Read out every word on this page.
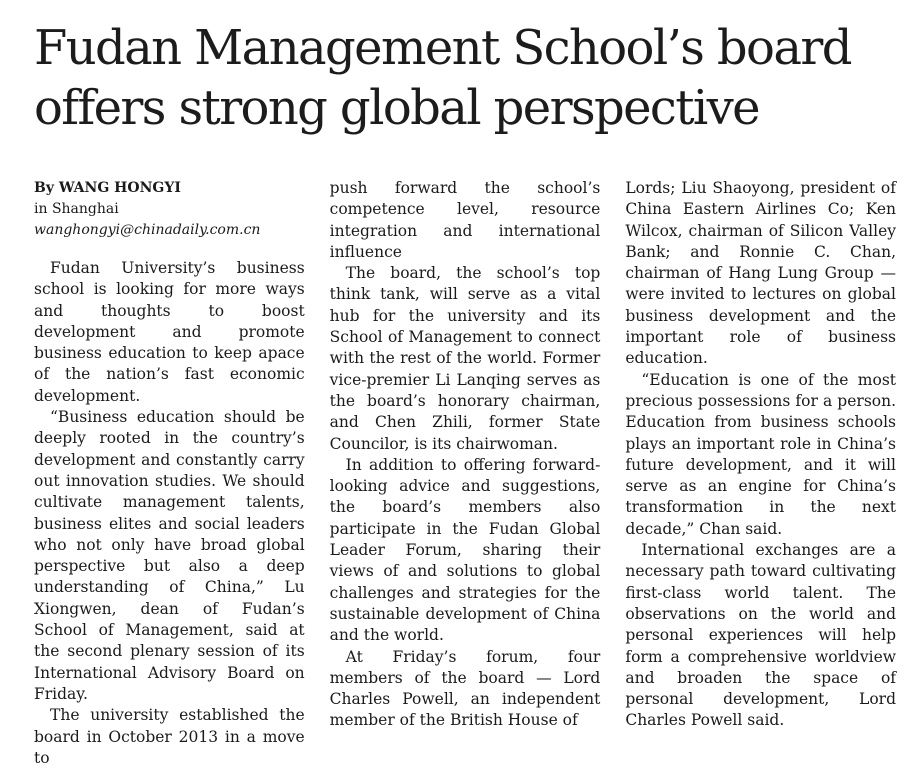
Fudan Management School’s board offers strong global perspective
By WANG HONGYI
in Shanghai
wanghongyi@chinadaily.com.cn

Fudan University’s business school is looking for more ways and thoughts to boost development and promote business education to keep apace of the nation’s fast economic development.

“Business education should be deeply rooted in the country’s development and constantly carry out innovation studies. We should cultivate management talents, business elites and social leaders who not only have broad global perspective but also a deep understanding of China,” Lu Xiongwen, dean of Fudan’s School of Management, said at the second plenary session of its International Advisory Board on Friday.

The university established the board in October 2013 in a move to

push forward the school’s competence level, resource integration and international influence

The board, the school’s top think tank, will serve as a vital hub for the university and its School of Management to connect with the rest of the world. Former vice-premier Li Lanqing serves as the board’s honorary chairman, and Chen Zhili, former State Councilor, is its chairwoman.

In addition to offering forward-looking advice and suggestions, the board’s members also participate in the Fudan Global Leader Forum, sharing their views of and solutions to global challenges and strategies for the sustainable development of China and the world.

At Friday’s forum, four members of the board — Lord Charles Powell, an independent member of the British House of

Lords; Liu Shaoyong, president of China Eastern Airlines Co; Ken Wilcox, chairman of Silicon Valley Bank; and Ronnie C. Chan, chairman of Hang Lung Group — were invited to lectures on global business development and the important role of business education.

“Education is one of the most precious possessions for a person. Education from business schools plays an important role in China’s future development, and it will serve as an engine for China’s transformation in the next decade,” Chan said.

International exchanges are a necessary path toward cultivating first-class world talent. The observations on the world and personal experiences will help form a comprehensive worldview and broaden the space of personal development, Lord Charles Powell said.
